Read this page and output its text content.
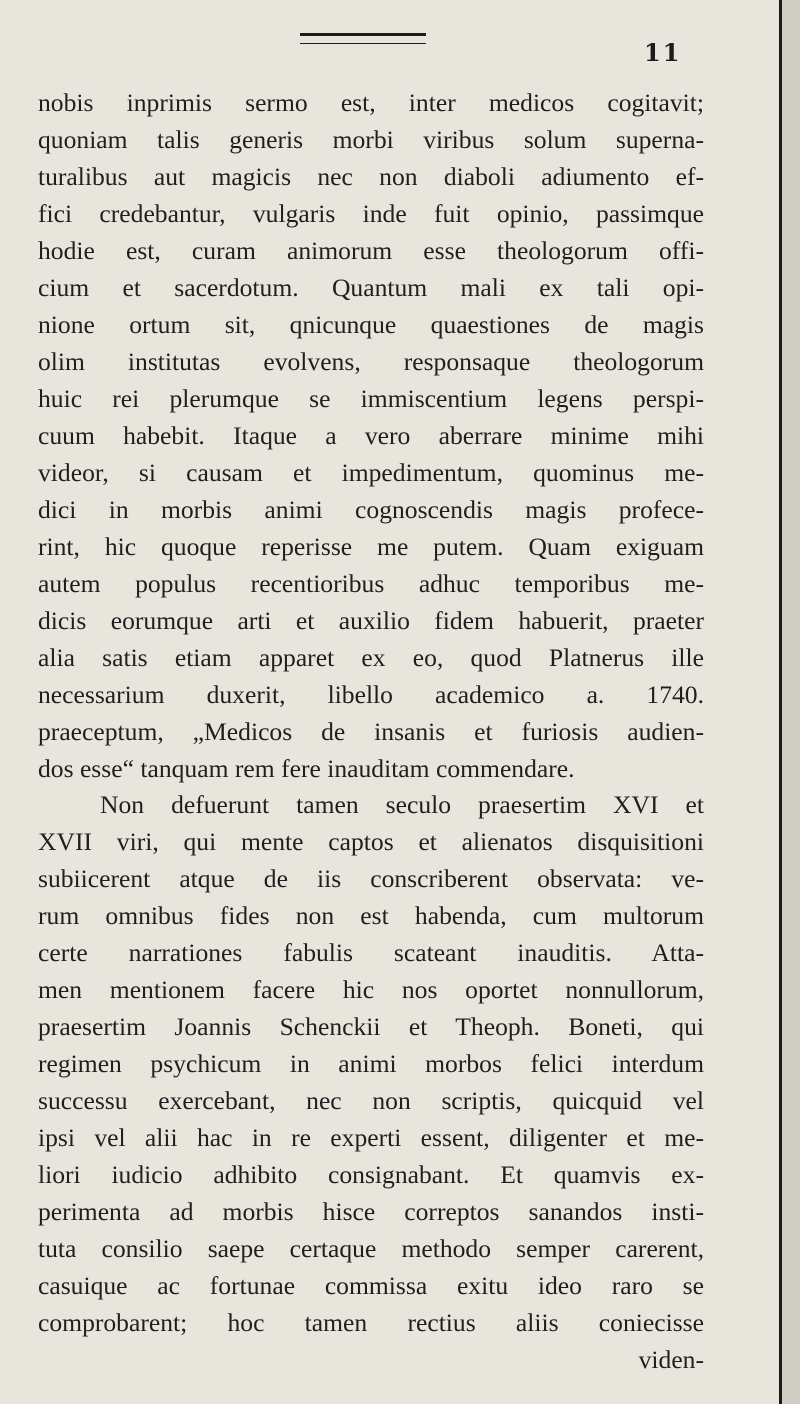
11
nobis inprimis sermo est, inter medicos cogitavit;
quoniam talis generis morbi viribus solum superna-
turalibus aut magicis nec non diaboli adiumento ef-
fici credebantur, vulgaris inde fuit opinio, passimque
hodie est, curam animorum esse theologorum offi-
cium et sacerdotum. Quantum mali ex tali opi-
nione ortum sit, qnicunque quaestiones de magis
olim institutas evolvens, responsaque theologorum
huic rei plerumque se immiscentium legens perspi-
cuum habebit. Itaque a vero aberrare minime mihi
videor, si causam et impedimentum, quominus me-
dici in morbis animi cognoscendis magis profece-
rint, hic quoque reperisse me putem. Quam exiguam
autem populus recentioribus adhuc temporibus me-
dicis eorumque arti et auxilio fidem habuerit, praeter
alia satis etiam apparet ex eo, quod Platnerus ille
necessarium duxerit, libello academico a. 1740.
praeceptum, „Medicos de insanis et furiosis audien-
dos esse“ tanquam rem fere inauditam commendare.
Non defuerunt tamen seculo praesertim XVI et
XVII viri, qui mente captos et alienatos disquisitioni
subiicerent atque de iis conscriberent observata: ve-
rum omnibus fides non est habenda, cum multorum
certe narrationes fabulis scateant inauditis. Atta-
men mentionem facere hic nos oportet nonnullorum,
praesertim Joannis Schenckii et Theoph. Boneti, qui
regimen psychicum in animi morbos felici interdum
successu exercebant, nec non scriptis, quicquid vel
ipsi vel alii hac in re experti essent, diligenter et me-
liori iudicio adhibito consignabant. Et quamvis ex-
perimenta ad morbis hisce correptos sanandos insti-
tuta consilio saepe certaque methodo semper carerent,
casuique ac fortunae commissa exitu ideo raro se
comprobarent; hoc tamen rectius aliis coniecisse
viden-
